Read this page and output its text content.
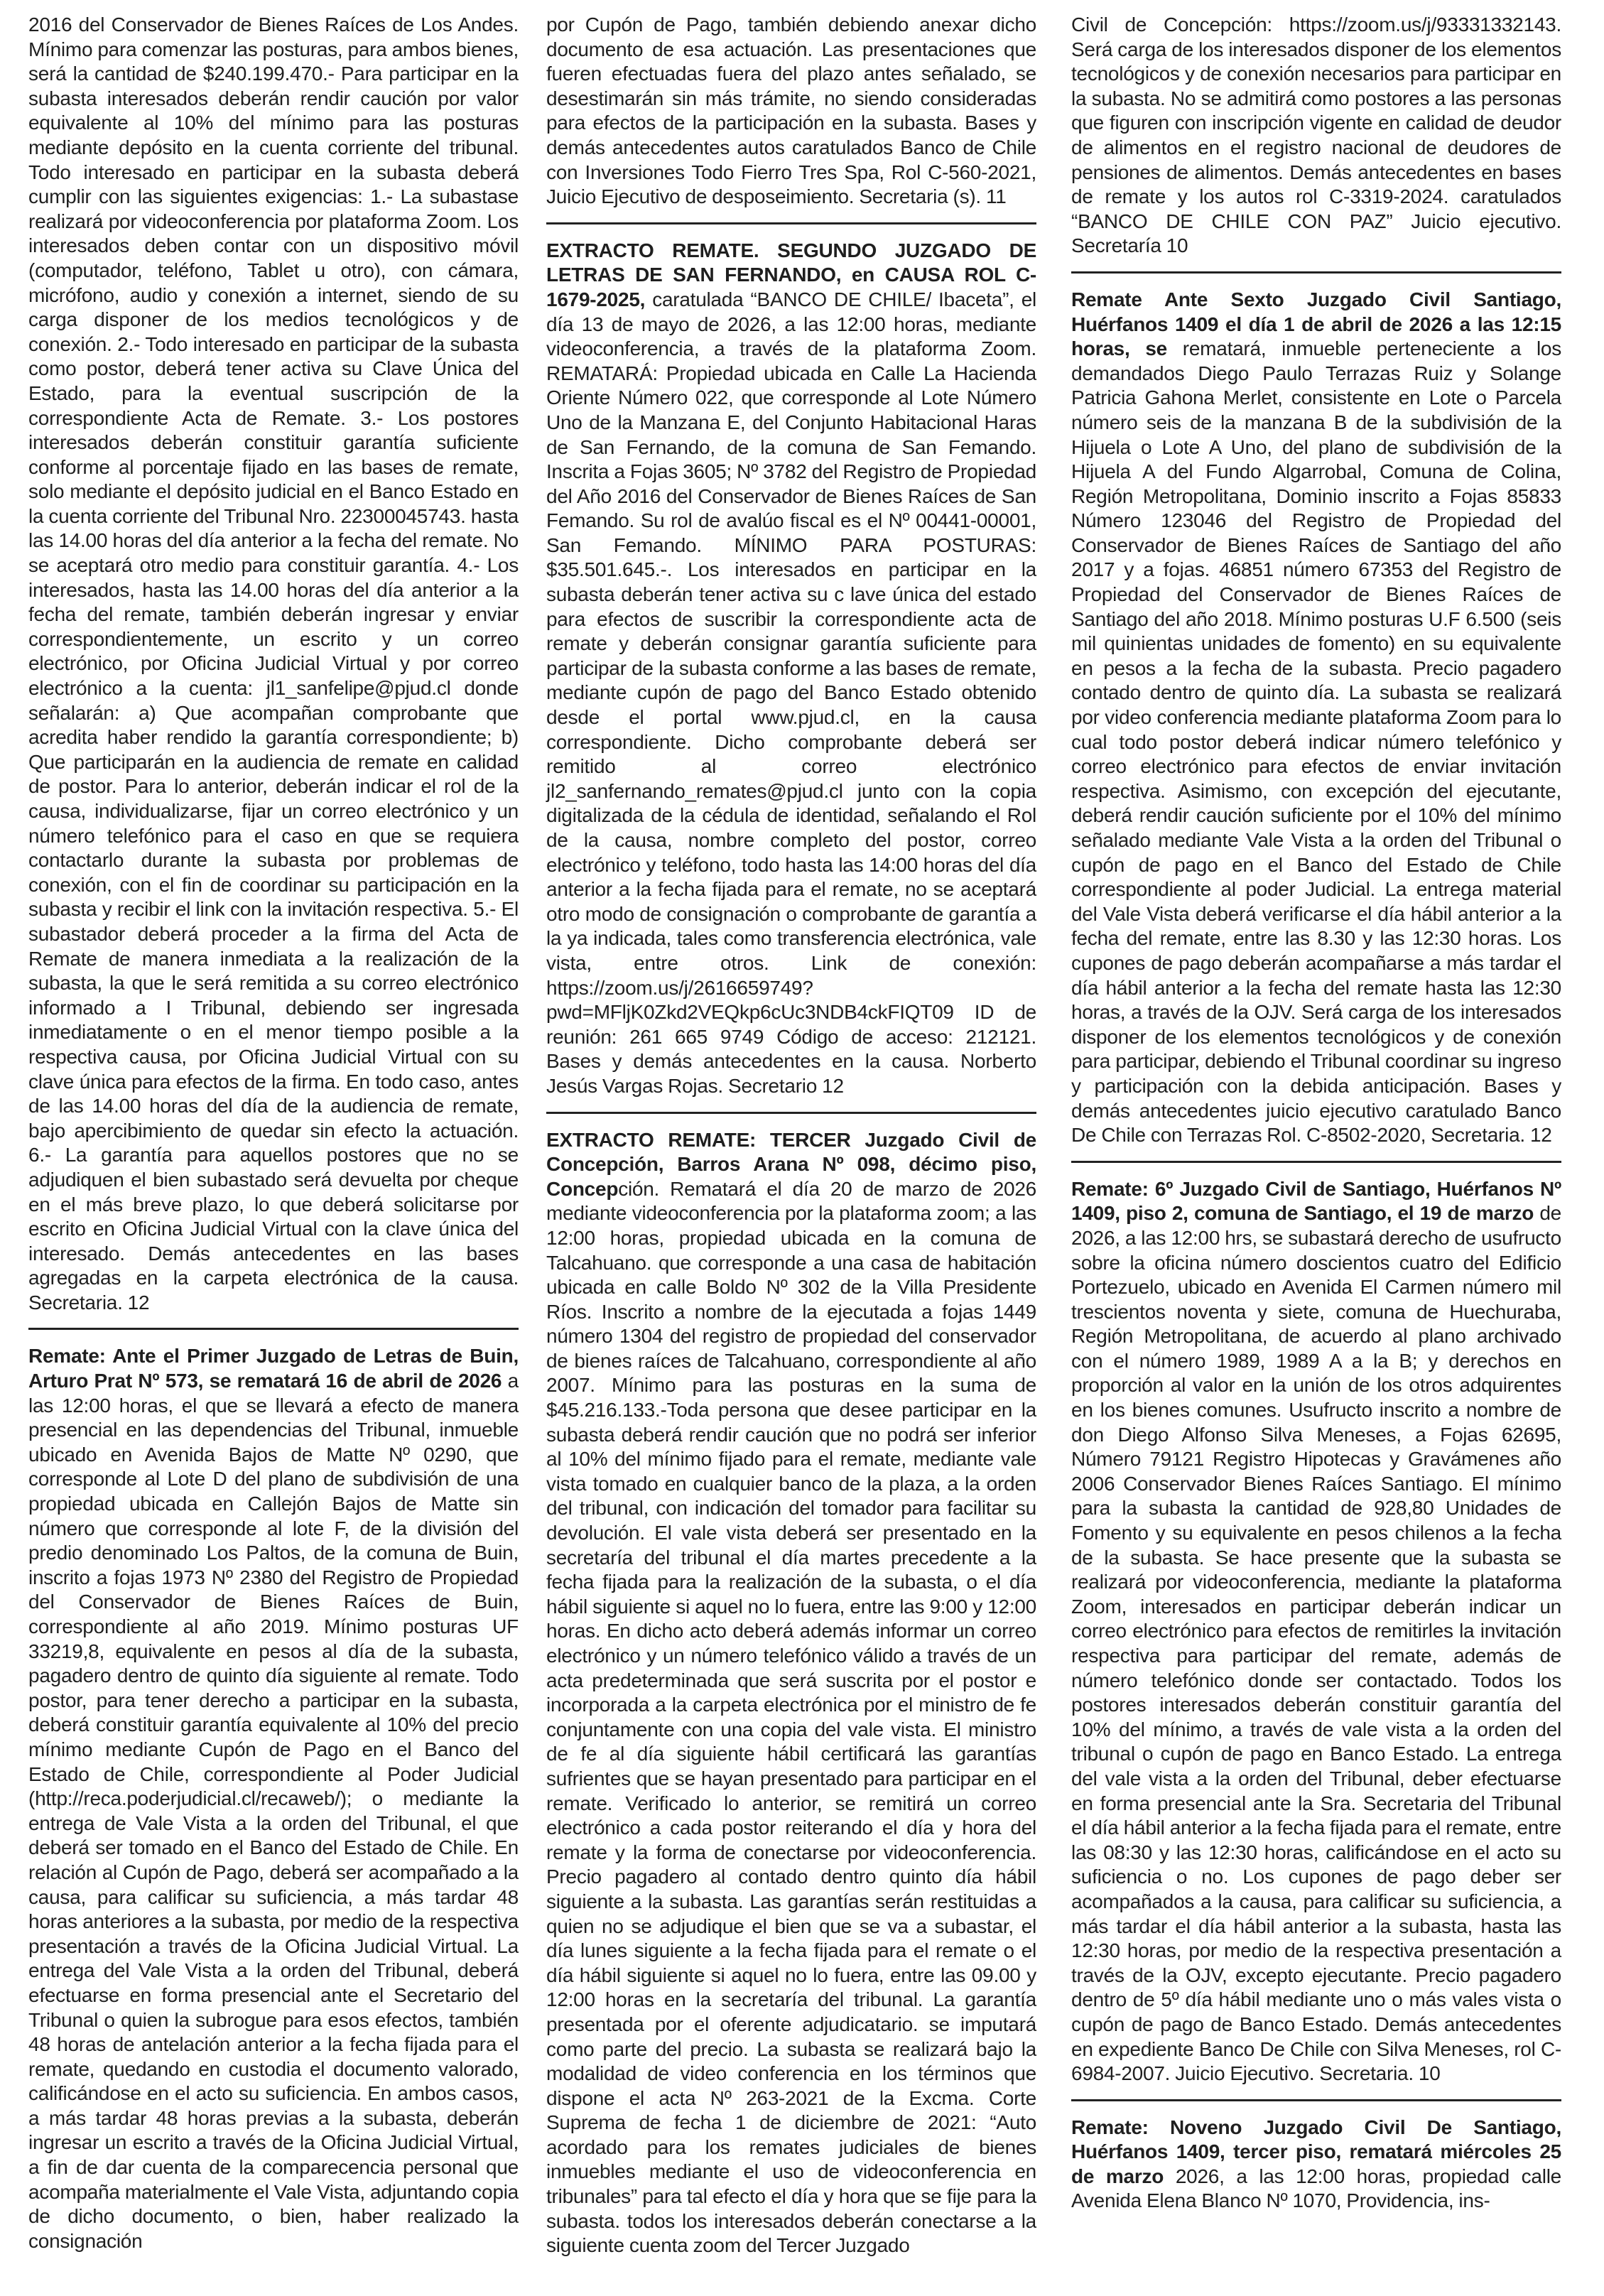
2016 del Conservador de Bienes Raíces de Los Andes. Mínimo para comenzar las posturas, para ambos bienes, será la cantidad de $240.199.470.- Para participar en la subasta interesados deberán rendir caución por valor equivalente al 10% del mínimo para las posturas mediante depósito en la cuenta corriente del tribunal. Todo interesado en participar en la subasta deberá cumplir con las siguientes exigencias: 1.- La subastase realizará por videoconferencia por plataforma Zoom. Los interesados deben contar con un dispositivo móvil (computador, teléfono, Tablet u otro), con cámara, micrófono, audio y conexión a internet, siendo de su carga disponer de los medios tecnológicos y de conexión. 2.- Todo interesado en participar de la subasta como postor, deberá tener activa su Clave Única del Estado, para la eventual suscripción de la correspondiente Acta de Remate. 3.- Los postores interesados deberán constituir garantía suficiente conforme al porcentaje fijado en las bases de remate, solo mediante el depósito judicial en el Banco Estado en la cuenta corriente del Tribunal Nro. 22300045743. hasta las 14.00 horas del día anterior a la fecha del remate. No se aceptará otro medio para constituir garantía. 4.- Los interesados, hasta las 14.00 horas del día anterior a la fecha del remate, también deberán ingresar y enviar correspondientemente, un escrito y un correo electrónico, por Oficina Judicial Virtual y por correo electrónico a la cuenta: jl1_sanfelipe@pjud.cl donde señalarán: a) Que acompañan comprobante que acredita haber rendido la garantía correspondiente; b) Que participarán en la audiencia de remate en calidad de postor. Para lo anterior, deberán indicar el rol de la causa, individualizarse, fijar un correo electrónico y un número telefónico para el caso en que se requiera contactarlo durante la subasta por problemas de conexión, con el fin de coordinar su participación en la subasta y recibir el link con la invitación respectiva. 5.- El subastador deberá proceder a la firma del Acta de Remate de manera inmediata a la realización de la subasta, la que le será remitida a su correo electrónico informado a I Tribunal, debiendo ser ingresada inmediatamente o en el menor tiempo posible a la respectiva causa, por Oficina Judicial Virtual con su clave única para efectos de la firma. En todo caso, antes de las 14.00 horas del día de la audiencia de remate, bajo apercibimiento de quedar sin efecto la actuación. 6.- La garantía para aquellos postores que no se adjudiquen el bien subastado será devuelta por cheque en el más breve plazo, lo que deberá solicitarse por escrito en Oficina Judicial Virtual con la clave única del interesado. Demás antecedentes en las bases agregadas en la carpeta electrónica de la causa. Secretaria. 12

Remate: Ante el Primer Juzgado de Letras de Buin, Arturo Prat Nº 573, se rematará 16 de abril de 2026 a las 12:00 horas, el que se llevará a efecto de manera presencial en las dependencias del Tribunal, inmueble ubicado en Avenida Bajos de Matte Nº 0290, que corresponde al Lote D del plano de subdivisión de una propiedad ubicada en Callejón Bajos de Matte sin número que corresponde al lote F, de la división del predio denominado Los Paltos, de la comuna de Buin, inscrito a fojas 1973 Nº 2380 del Registro de Propiedad del Conservador de Bienes Raíces de Buin, correspondiente al año 2019. Mínimo posturas UF 33219,8, equivalente en pesos al día de la subasta, pagadero dentro de quinto día siguiente al remate. Todo postor, para tener derecho a participar en la subasta, deberá constituir garantía equivalente al 10% del precio mínimo mediante Cupón de Pago en el Banco del Estado de Chile, correspondiente al Poder Judicial (http://reca.poderjudicial.cl/recaweb/); o mediante la entrega de Vale Vista a la orden del Tribunal, el que deberá ser tomado en el Banco del Estado de Chile. En relación al Cupón de Pago, deberá ser acompañado a la causa, para calificar su suficiencia, a más tardar 48 horas anteriores a la subasta, por medio de la respectiva presentación a través de la Oficina Judicial Virtual. La entrega del Vale Vista a la orden del Tribunal, deberá efectuarse en forma presencial ante el Secretario del Tribunal o quien la subrogue para esos efectos, también 48 horas de antelación anterior a la fecha fijada para el remate, quedando en custodia el documento valorado, calificándose en el acto su suficiencia. En ambos casos, a más tardar 48 horas previas a la subasta, deberán ingresar un escrito a través de la Oficina Judicial Virtual, a fin de dar cuenta de la comparecencia personal que acompaña materialmente el Vale Vista, adjuntando copia de dicho documento, o bien, haber realizado la consignación

por Cupón de Pago, también debiendo anexar dicho documento de esa actuación. Las presentaciones que fueren efectuadas fuera del plazo antes señalado, se desestimarán sin más trámite, no siendo consideradas para efectos de la participación en la subasta. Bases y demás antecedentes autos caratulados Banco de Chile con Inversiones Todo Fierro Tres Spa, Rol C-560-2021, Juicio Ejecutivo de desposeimiento. Secretaria (s). 11

EXTRACTO REMATE. SEGUNDO JUZGADO DE LETRAS DE SAN FERNANDO, en CAUSA ROL C-1679-2025, caratulada “BANCO DE CHILE/ Ibaceta”, el día 13 de mayo de 2026, a las 12:00 horas, mediante videoconferencia, a través de la plataforma Zoom. REMATARÁ: Propiedad ubicada en Calle La Hacienda Oriente Número 022, que corresponde al Lote Número Uno de la Manzana E, del Conjunto Habitacional Haras de San Fernando, de la comuna de San Femando. Inscrita a Fojas 3605; Nº 3782 del Registro de Propiedad del Año 2016 del Conservador de Bienes Raíces de San Femando. Su rol de avalúo fiscal es el Nº 00441-00001, San Femando. MÍNIMO PARA POSTURAS: $35.501.645.-. Los interesados en participar en la subasta deberán tener activa su c lave única del estado para efectos de suscribir la correspondiente acta de remate y deberán consignar garantía suficiente para participar de la subasta conforme a las bases de remate, mediante cupón de pago del Banco Estado obtenido desde el portal www.pjud.cl, en la causa correspondiente. Dicho comprobante deberá ser remitido al correo electrónico jl2_sanfernando_remates@pjud.cl junto con la copia digitalizada de la cédula de identidad, señalando el Rol de la causa, nombre completo del postor, correo electrónico y teléfono, todo hasta las 14:00 horas del día anterior a la fecha fijada para el remate, no se aceptará otro modo de consignación o comprobante de garantía a la ya indicada, tales como transferencia electrónica, vale vista, entre otros. Link de conexión: https://zoom.us/j/2616659749?pwd=MFljK0Zkd2VEQkp6cUc3NDB4ckFIQT09 ID de reunión: 261 665 9749 Código de acceso: 212121. Bases y demás antecedentes en la causa. Norberto Jesús Vargas Rojas. Secretario 12

EXTRACTO REMATE: TERCER Juzgado Civil de Concepción, Barros Arana Nº 098, décimo piso, Concepción. Rematará el día 20 de marzo de 2026 mediante videoconferencia por la plataforma zoom; a las 12:00 horas, propiedad ubicada en la comuna de Talcahuano. que corresponde a una casa de habitación ubicada en calle Boldo Nº 302 de la Villa Presidente Ríos. Inscrito a nombre de la ejecutada a fojas 1449 número 1304 del registro de propiedad del conservador de bienes raíces de Talcahuano, correspondiente al año 2007. Mínimo para las posturas en la suma de $45.216.133.-Toda persona que desee participar en la subasta deberá rendir caución que no podrá ser inferior al 10% del mínimo fijado para el remate, mediante vale vista tomado en cualquier banco de la plaza, a la orden del tribunal, con indicación del tomador para facilitar su devolución. El vale vista deberá ser presentado en la secretaría del tribunal el día martes precedente a la fecha fijada para la realización de la subasta, o el día hábil siguiente si aquel no lo fuera, entre las 9:00 y 12:00 horas. En dicho acto deberá además informar un correo electrónico y un número telefónico válido a través de un acta predeterminada que será suscrita por el postor e incorporada a la carpeta electrónica por el ministro de fe conjuntamente con una copia del vale vista. El ministro de fe al día siguiente hábil certificará las garantías sufrientes que se hayan presentado para participar en el remate. Verificado lo anterior, se remitirá un correo electrónico a cada postor reiterando el día y hora del remate y la forma de conectarse por videoconferencia. Precio pagadero al contado dentro quinto día hábil siguiente a la subasta. Las garantías serán restituidas a quien no se adjudique el bien que se va a subastar, el día lunes siguiente a la fecha fijada para el remate o el día hábil siguiente si aquel no lo fuera, entre las 09.00 y 12:00 horas en la secretaría del tribunal. La garantía presentada por el oferente adjudicatario. se imputará como parte del precio. La subasta se realizará bajo la modalidad de video conferencia en los términos que dispone el acta Nº 263-2021 de la Excma. Corte Suprema de fecha 1 de diciembre de 2021: “Auto acordado para los remates judiciales de bienes inmuebles mediante el uso de videoconferencia en tribunales” para tal efecto el día y hora que se fije para la subasta. todos los interesados deberán conectarse a la siguiente cuenta zoom del Tercer Juzgado

Civil de Concepción: https://zoom.us/j/93331332143. Será carga de los interesados disponer de los elementos tecnológicos y de conexión necesarios para participar en la subasta. No se admitirá como postores a las personas que figuren con inscripción vigente en calidad de deudor de alimentos en el registro nacional de deudores de pensiones de alimentos. Demás antecedentes en bases de remate y los autos rol C-3319-2024. caratulados “BANCO DE CHILE CON PAZ” Juicio ejecutivo. Secretaría 10

Remate Ante Sexto Juzgado Civil Santiago, Huérfanos 1409 el día 1 de abril de 2026 a las 12:15 horas, se rematará, inmueble perteneciente a los demandados Diego Paulo Terrazas Ruiz y Solange Patricia Gahona Merlet, consistente en Lote o Parcela número seis de la manzana B de la subdivisión de la Hijuela o Lote A Uno, del plano de subdivisión de la Hijuela A del Fundo Algarrobal, Comuna de Colina, Región Metropolitana, Dominio inscrito a Fojas 85833 Número 123046 del Registro de Propiedad del Conservador de Bienes Raíces de Santiago del año 2017 y a fojas. 46851 número 67353 del Registro de Propiedad del Conservador de Bienes Raíces de Santiago del año 2018. Mínimo posturas U.F 6.500 (seis mil quinientas unidades de fomento) en su equivalente en pesos a la fecha de la subasta. Precio pagadero contado dentro de quinto día. La subasta se realizará por video conferencia mediante plataforma Zoom para lo cual todo postor deberá indicar número telefónico y correo electrónico para efectos de enviar invitación respectiva. Asimismo, con excepción del ejecutante, deberá rendir caución suficiente por el 10% del mínimo señalado mediante Vale Vista a la orden del Tribunal o cupón de pago en el Banco del Estado de Chile correspondiente al poder Judicial. La entrega material del Vale Vista deberá verificarse el día hábil anterior a la fecha del remate, entre las 8.30 y las 12:30 horas. Los cupones de pago deberán acompañarse a más tardar el día hábil anterior a la fecha del remate hasta las 12:30 horas, a través de la OJV. Será carga de los interesados disponer de los elementos tecnológicos y de conexión para participar, debiendo el Tribunal coordinar su ingreso y participación con la debida anticipación. Bases y demás antecedentes juicio ejecutivo caratulado Banco De Chile con Terrazas Rol. C-8502-2020, Secretaria. 12

Remate: 6º Juzgado Civil de Santiago, Huérfanos Nº 1409, piso 2, comuna de Santiago, el 19 de marzo de 2026, a las 12:00 hrs, se subastará derecho de usufructo sobre la oficina número doscientos cuatro del Edificio Portezuelo, ubicado en Avenida El Carmen número mil trescientos noventa y siete, comuna de Huechuraba, Región Metropolitana, de acuerdo al plano archivado con el número 1989, 1989 A a la B; y derechos en proporción al valor en la unión de los otros adquirentes en los bienes comunes. Usufructo inscrito a nombre de don Diego Alfonso Silva Meneses, a Fojas 62695, Número 79121 Registro Hipotecas y Gravámenes año 2006 Conservador Bienes Raíces Santiago. El mínimo para la subasta la cantidad de 928,80 Unidades de Fomento y su equivalente en pesos chilenos a la fecha de la subasta. Se hace presente que la subasta se realizará por videoconferencia, mediante la plataforma Zoom, interesados en participar deberán indicar un correo electrónico para efectos de remitirles la invitación respectiva para participar del remate, además de número telefónico donde ser contactado. Todos los postores interesados deberán constituir garantía del 10% del mínimo, a través de vale vista a la orden del tribunal o cupón de pago en Banco Estado. La entrega del vale vista a la orden del Tribunal, deber efectuarse en forma presencial ante la Sra. Secretaria del Tribunal el día hábil anterior a la fecha fijada para el remate, entre las 08:30 y las 12:30 horas, calificándose en el acto su suficiencia o no. Los cupones de pago deber ser acompañados a la causa, para calificar su suficiencia, a más tardar el día hábil anterior a la subasta, hasta las 12:30 horas, por medio de la respectiva presentación a través de la OJV, excepto ejecutante. Precio pagadero dentro de 5º día hábil mediante uno o más vales vista o cupón de pago de Banco Estado. Demás antecedentes en expediente Banco De Chile con Silva Meneses, rol C-6984-2007. Juicio Ejecutivo. Secretaria. 10

Remate: Noveno Juzgado Civil De Santiago, Huérfanos 1409, tercer piso, rematará miércoles 25 de marzo 2026, a las 12:00 horas, propiedad calle Avenida Elena Blanco Nº 1070, Providencia, ins-
